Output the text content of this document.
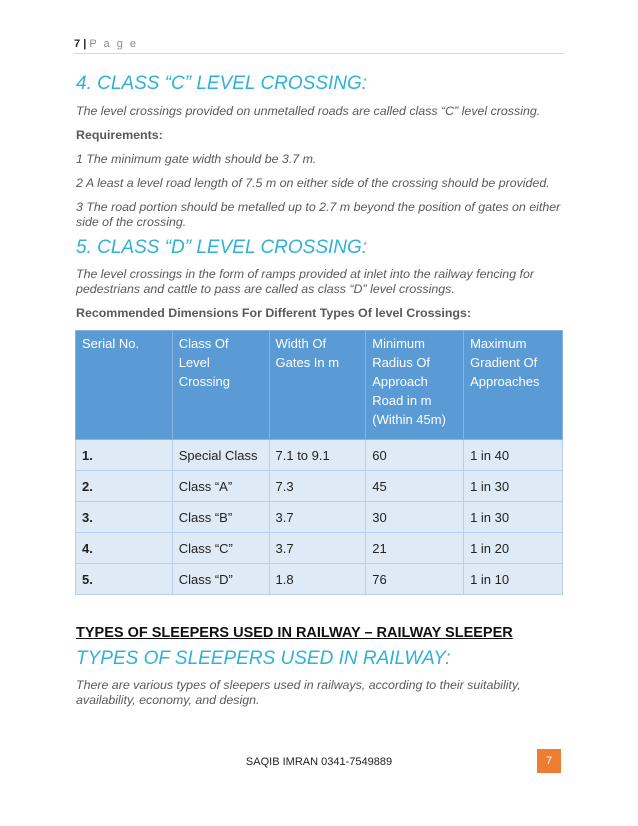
7 | P a g e
4. CLASS “C” LEVEL CROSSING:

The level crossings provided on unmetalled roads are called class “C” level crossing.

Requirements:

1 The minimum gate width should be 3.7 m.

2 A least a level road length of 7.5 m on either side of the crossing should be provided.

3 The road portion should be metalled up to 2.7 m beyond the position of gates on either side of the crossing.

5. CLASS “D” LEVEL CROSSING:

The level crossings in the form of ramps provided at inlet into the railway fencing for pedestrians and cattle to pass are called as class “D” level crossings.

Recommended Dimensions For Different Types Of level Crossings:

Serial No.	Class Of Level Crossing	Width Of Gates In m	Minimum Radius Of Approach Road in m (Within 45m)	Maximum Gradient Of Approaches
1.	Special Class	7.1 to 9.1	60	1 in 40
2.	Class “A”	7.3	45	1 in 30
3.	Class “B”	3.7	30	1 in 30
4.	Class “C”	3.7	21	1 in 20
5.	Class “D”	1.8	76	1 in 10
TYPES OF SLEEPERS USED IN RAILWAY – RAILWAY SLEEPER
TYPES OF SLEEPERS USED IN RAILWAY:

There are various types of sleepers used in railways, according to their suitability, availability, economy, and design.

SAQIB IMRAN 0341-7549889	7
